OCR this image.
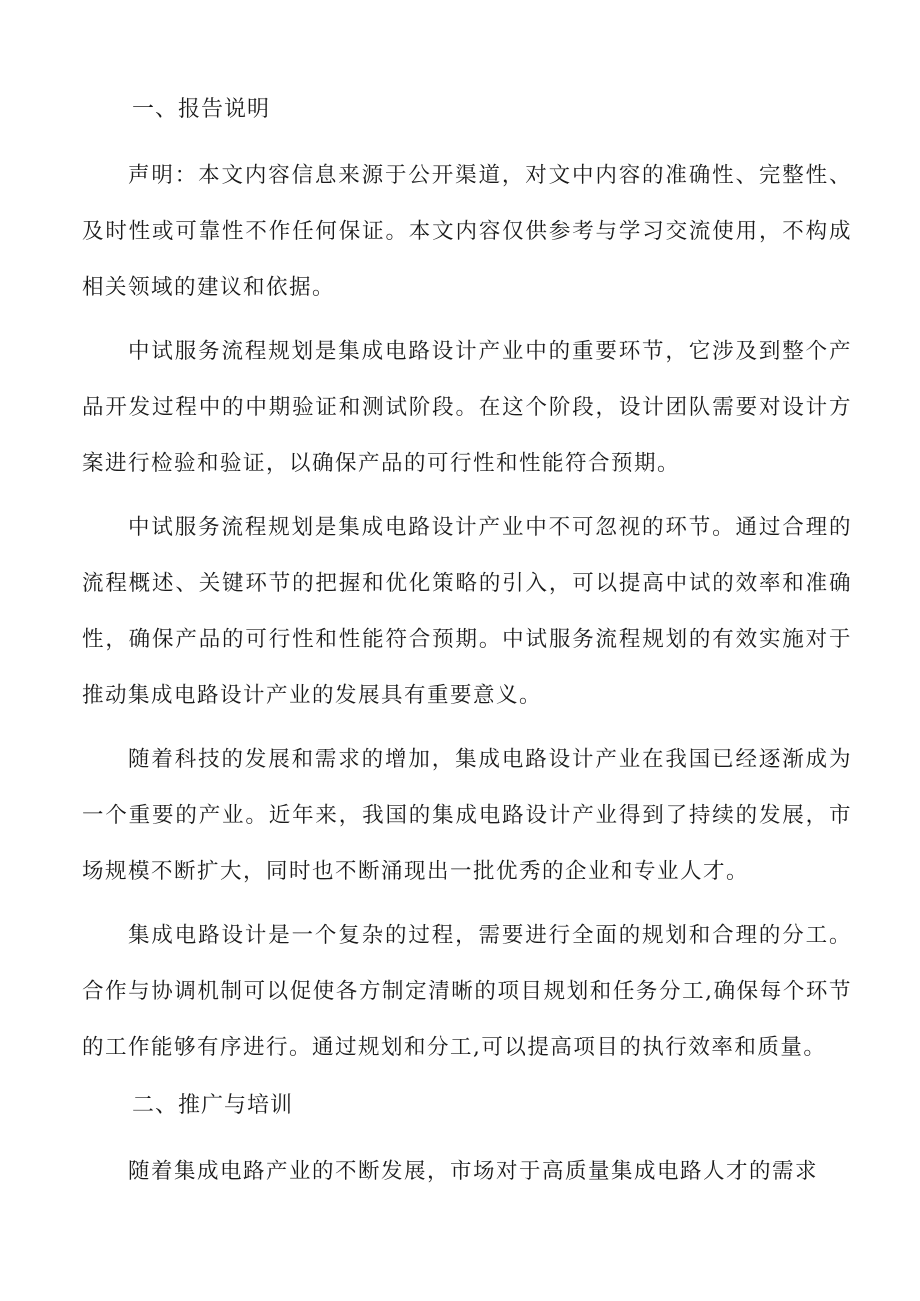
一、报告说明

声明：本文内容信息来源于公开渠道，对文中内容的准确性、完整性、及时性或可靠性不作任何保证。本文内容仅供参考与学习交流使用，不构成相关领域的建议和依据。

中试服务流程规划是集成电路设计产业中的重要环节，它涉及到整个产品开发过程中的中期验证和测试阶段。在这个阶段，设计团队需要对设计方案进行检验和验证，以确保产品的可行性和性能符合预期。

中试服务流程规划是集成电路设计产业中不可忽视的环节。通过合理的流程概述、关键环节的把握和优化策略的引入，可以提高中试的效率和准确性，确保产品的可行性和性能符合预期。中试服务流程规划的有效实施对于推动集成电路设计产业的发展具有重要意义。

随着科技的发展和需求的增加，集成电路设计产业在我国已经逐渐成为一个重要的产业。近年来，我国的集成电路设计产业得到了持续的发展，市场规模不断扩大，同时也不断涌现出一批优秀的企业和专业人才。

集成电路设计是一个复杂的过程，需要进行全面的规划和合理的分工。合作与协调机制可以促使各方制定清晰的项目规划和任务分工,确保每个环节的工作能够有序进行。通过规划和分工,可以提高项目的执行效率和质量。

二、推广与培训

随着集成电路产业的不断发展，市场对于高质量集成电路人才的需求
